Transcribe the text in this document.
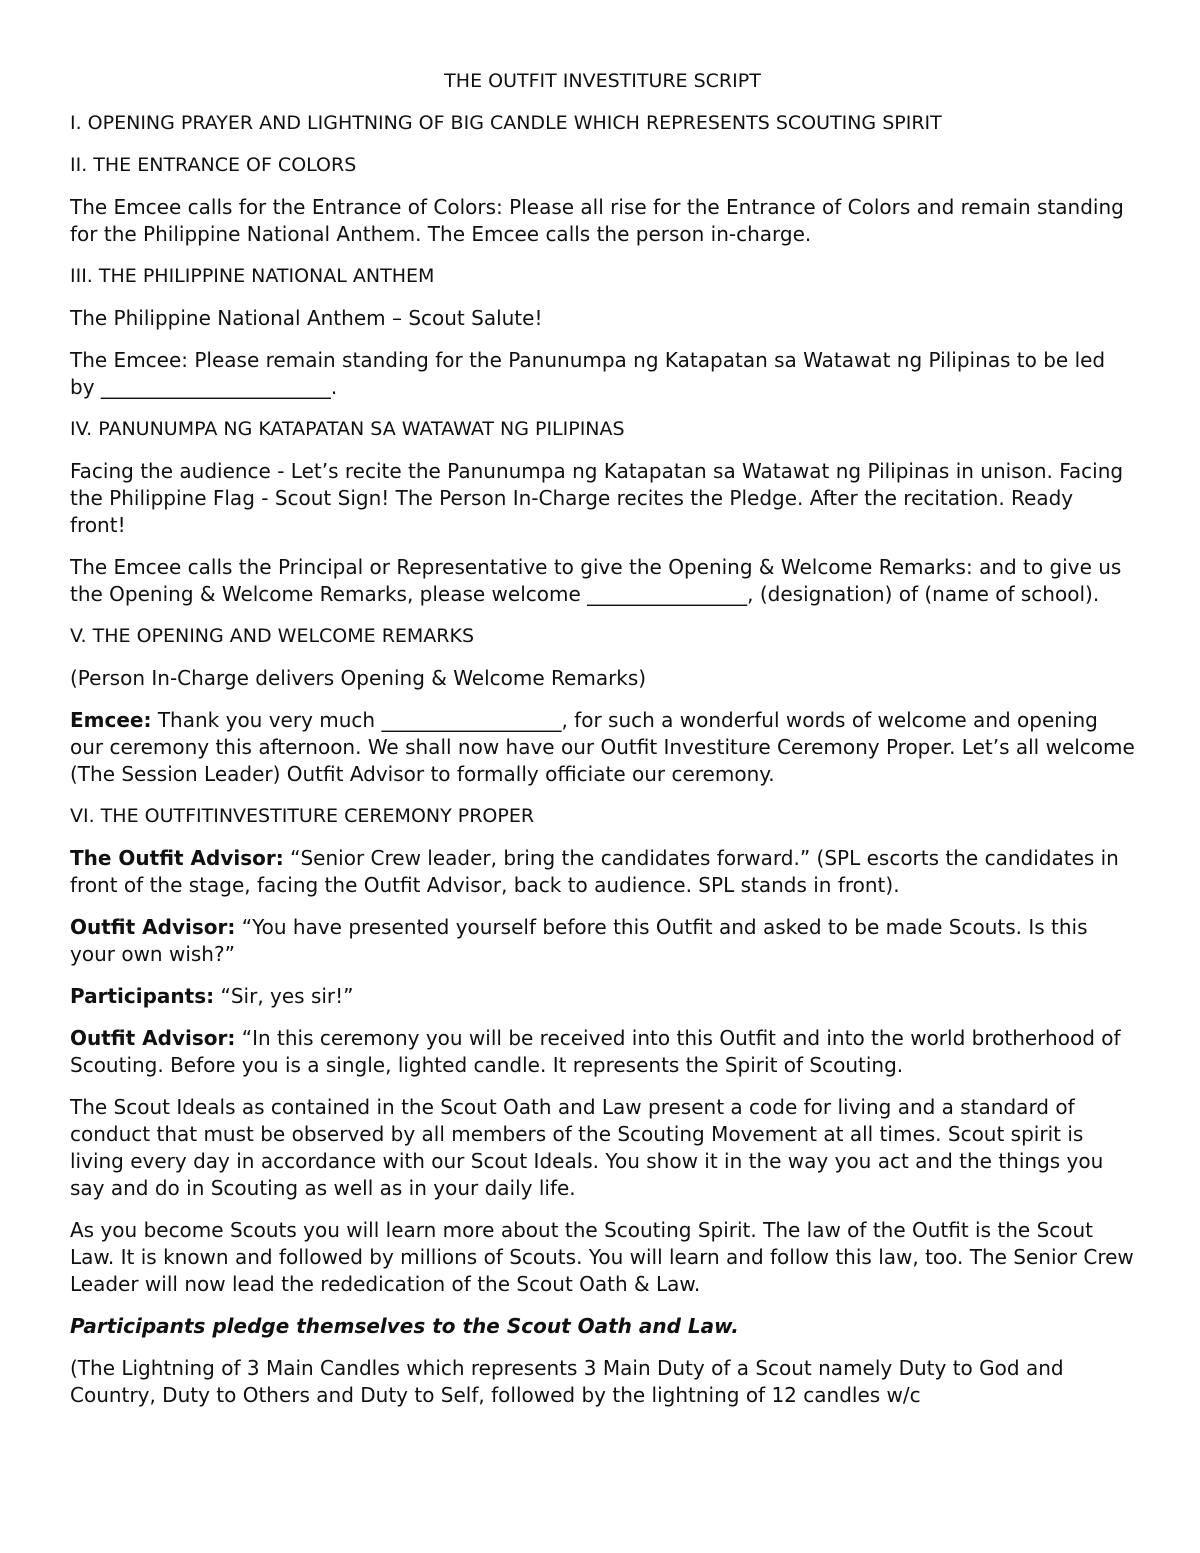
THE OUTFIT INVESTITURE SCRIPT
I. OPENING PRAYER AND LIGHTNING OF BIG CANDLE WHICH REPRESENTS SCOUTING SPIRIT
II. THE ENTRANCE OF COLORS
The Emcee calls for the Entrance of Colors: Please all rise for the Entrance of Colors and remain standing for the Philippine National Anthem. The Emcee calls the person in-charge.
III. THE PHILIPPINE NATIONAL ANTHEM
The Philippine National Anthem – Scout Salute!
The Emcee: Please remain standing for the Panunumpa ng Katapatan sa Watawat ng Pilipinas to be led by _______________________.
IV. PANUNUMPA NG KATAPATAN SA WATAWAT NG PILIPINAS
Facing the audience - Let’s recite the Panunumpa ng Katapatan sa Watawat ng Pilipinas in unison. Facing the Philippine Flag - Scout Sign! The Person In-Charge recites the Pledge. After the recitation. Ready front!
The Emcee calls the Principal or Representative to give the Opening & Welcome Remarks: and to give us the Opening & Welcome Remarks, please welcome ________________, (designation) of (name of school).
V. THE OPENING AND WELCOME REMARKS
(Person In-Charge delivers Opening & Welcome Remarks)
Emcee: Thank you very much __________________, for such a wonderful words of welcome and opening our ceremony this afternoon. We shall now have our Outfit Investiture Ceremony Proper. Let’s all welcome (The Session Leader) Outfit Advisor to formally officiate our ceremony.
VI. THE OUTFITINVESTITURE CEREMONY PROPER
The Outfit Advisor: “Senior Crew leader, bring the candidates forward.” (SPL escorts the candidates in front of the stage, facing the Outfit Advisor, back to audience. SPL stands in front).
Outfit Advisor: “You have presented yourself before this Outfit and asked to be made Scouts. Is this your own wish?”
Participants: “Sir, yes sir!”
Outfit Advisor: “In this ceremony you will be received into this Outfit and into the world brotherhood of Scouting. Before you is a single, lighted candle. It represents the Spirit of Scouting.
The Scout Ideals as contained in the Scout Oath and Law present a code for living and a standard of conduct that must be observed by all members of the Scouting Movement at all times. Scout spirit is living every day in accordance with our Scout Ideals. You show it in the way you act and the things you say and do in Scouting as well as in your daily life.
As you become Scouts you will learn more about the Scouting Spirit. The law of the Outfit is the Scout Law. It is known and followed by millions of Scouts. You will learn and follow this law, too. The Senior Crew Leader will now lead the rededication of the Scout Oath & Law.
Participants pledge themselves to the Scout Oath and Law.
(The Lightning of 3 Main Candles which represents 3 Main Duty of a Scout namely Duty to God and Country, Duty to Others and Duty to Self, followed by the lightning of 12 candles w/c
